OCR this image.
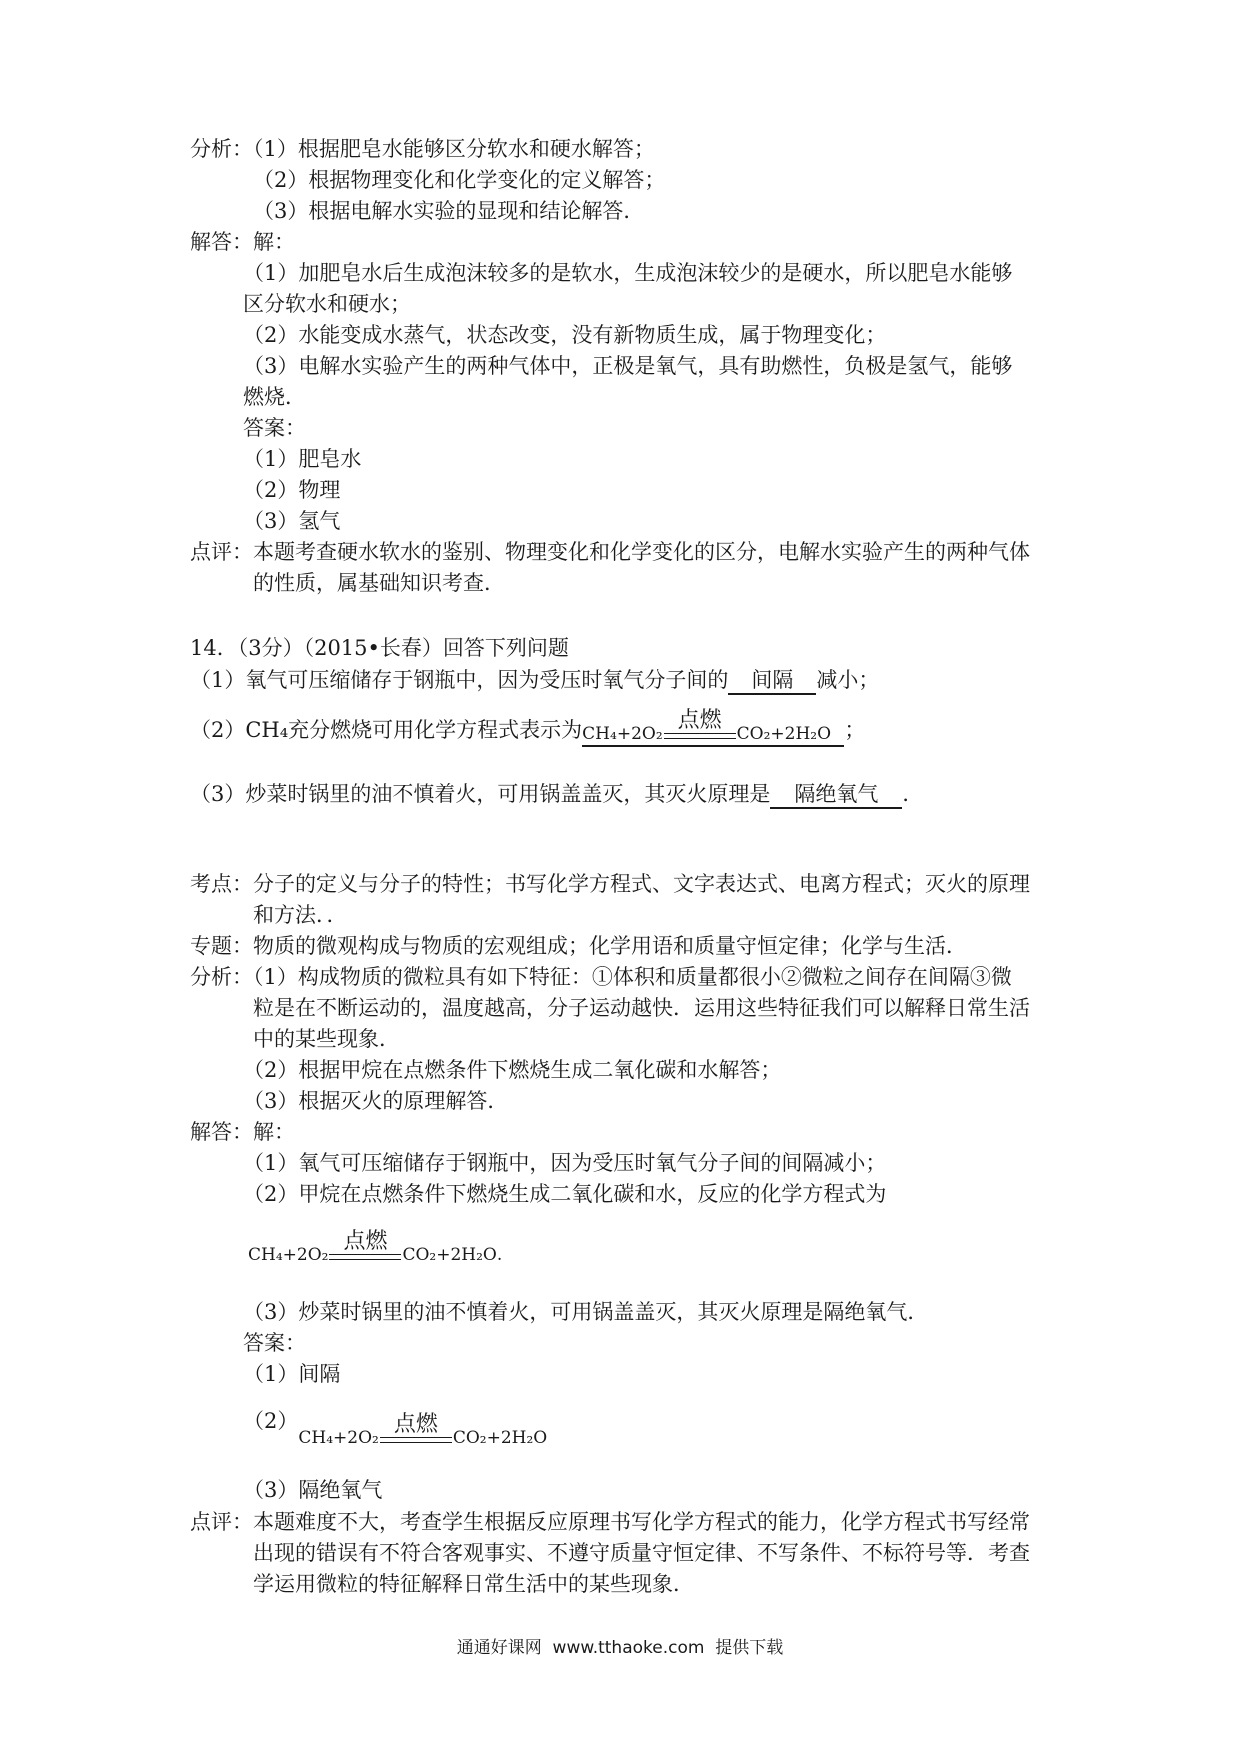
分析：（1）根据肥皂水能够区分软水和硬水解答；
（2）根据物理变化和化学变化的定义解答；
（3）根据电解水实验的显现和结论解答．
解答：解：
（1）加肥皂水后生成泡沫较多的是软水，生成泡沫较少的是硬水，所以肥皂水能够
区分软水和硬水；
（2）水能变成水蒸气，状态改变，没有新物质生成，属于物理变化；
（3）电解水实验产生的两种气体中，正极是氧气，具有助燃性，负极是氢气，能够
燃烧．
答案：
（1）肥皂水
（2）物理
（3）氢气
点评：本题考查硬水软水的鉴别、物理变化和化学变化的区分，电解水实验产生的两种气体
的性质，属基础知识考查．
14．（3分）（2015•长春）回答下列问题
（1）氧气可压缩储存于钢瓶中，因为受压时氧气分子间的 间隔 减小；
（2）CH₄充分燃烧可用化学方程式表示为 CH₄+2O₂
点燃
CO₂+2H₂O ；
（3）炒菜时锅里的油不慎着火，可用锅盖盖灭，其灭火原理是 隔绝氧气 ．
考点：分子的定义与分子的特性；书写化学方程式、文字表达式、电离方程式；灭火的原理
和方法．．
专题：物质的微观构成与物质的宏观组成；化学用语和质量守恒定律；化学与生活．
分析：（1）构成物质的微粒具有如下特征：①体积和质量都很小②微粒之间存在间隔③微
粒是在不断运动的，温度越高，分子运动越快．运用这些特征我们可以解释日常生活
中的某些现象．
（2）根据甲烷在点燃条件下燃烧生成二氧化碳和水解答；
（3）根据灭火的原理解答．
解答：解：
（1）氧气可压缩储存于钢瓶中，因为受压时氧气分子间的间隔减小；
（2）甲烷在点燃条件下燃烧生成二氧化碳和水，反应的化学方程式为
CH₄+2O₂
点燃
CO₂+2H₂O .
（3）炒菜时锅里的油不慎着火，可用锅盖盖灭，其灭火原理是隔绝氧气．
答案：
（1）间隔
（2）
CH₄+2O₂
点燃
CO₂+2H₂O
（3）隔绝氧气
点评：本题难度不大，考查学生根据反应原理书写化学方程式的能力，化学方程式书写经常
出现的错误有不符合客观事实、不遵守质量守恒定律、不写条件、不标符号等．考查
学运用微粒的特征解释日常生活中的某些现象．
通通好课网 www.tthaoke.com 提供下载
